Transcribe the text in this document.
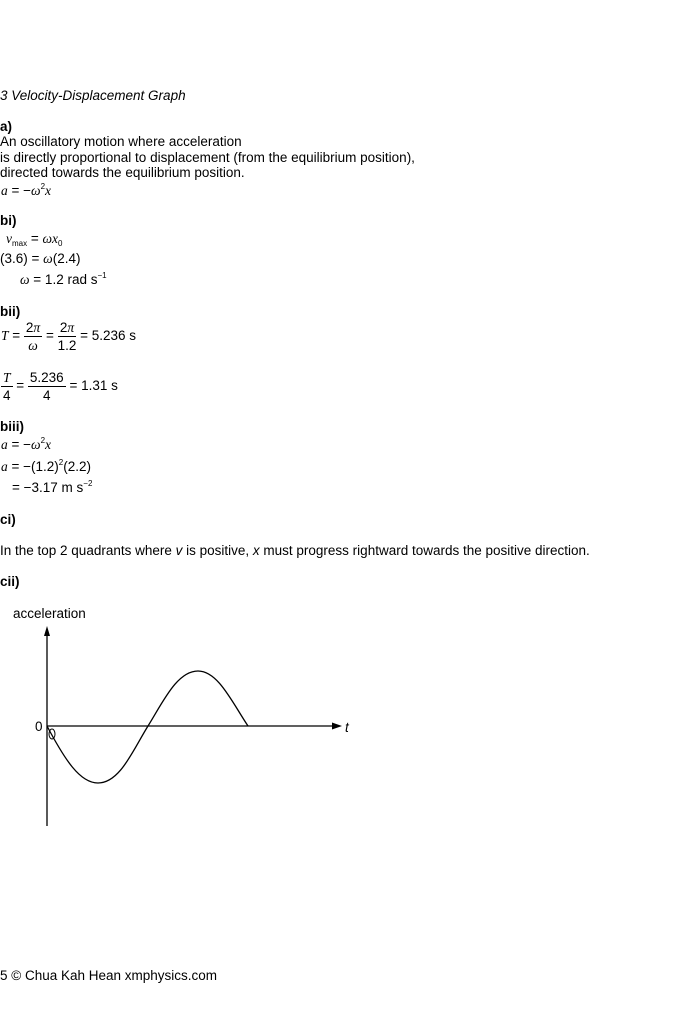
3 Velocity-Displacement Graph
a)
An oscillatory motion where acceleration
is directly proportional to displacement (from the equilibrium position),
directed towards the equilibrium position.
$a = -\omega^2x$
bi)
$v_{max} = \omega x_0$
(3.6) = ω(2.4)
ω = 1.2 rad $s^{-1}$
bii)
$T = \frac{2\pi}{\omega} = \frac{2\pi}{1.2} = 5.236$ s
$\frac{T}{4} = \frac{5.236}{4} = 1.31$ s
biii)
$a = -\omega^2x$
$a = -(1.2)^2(2.2)$
= −3.17 m $s^{-2}$
ci)
In the top 2 quadrants where v is positive, x must progress rightward towards the positive direction.
cii)
acceleration
t
0
5 © Chua Kah Hean xmphysics.com
